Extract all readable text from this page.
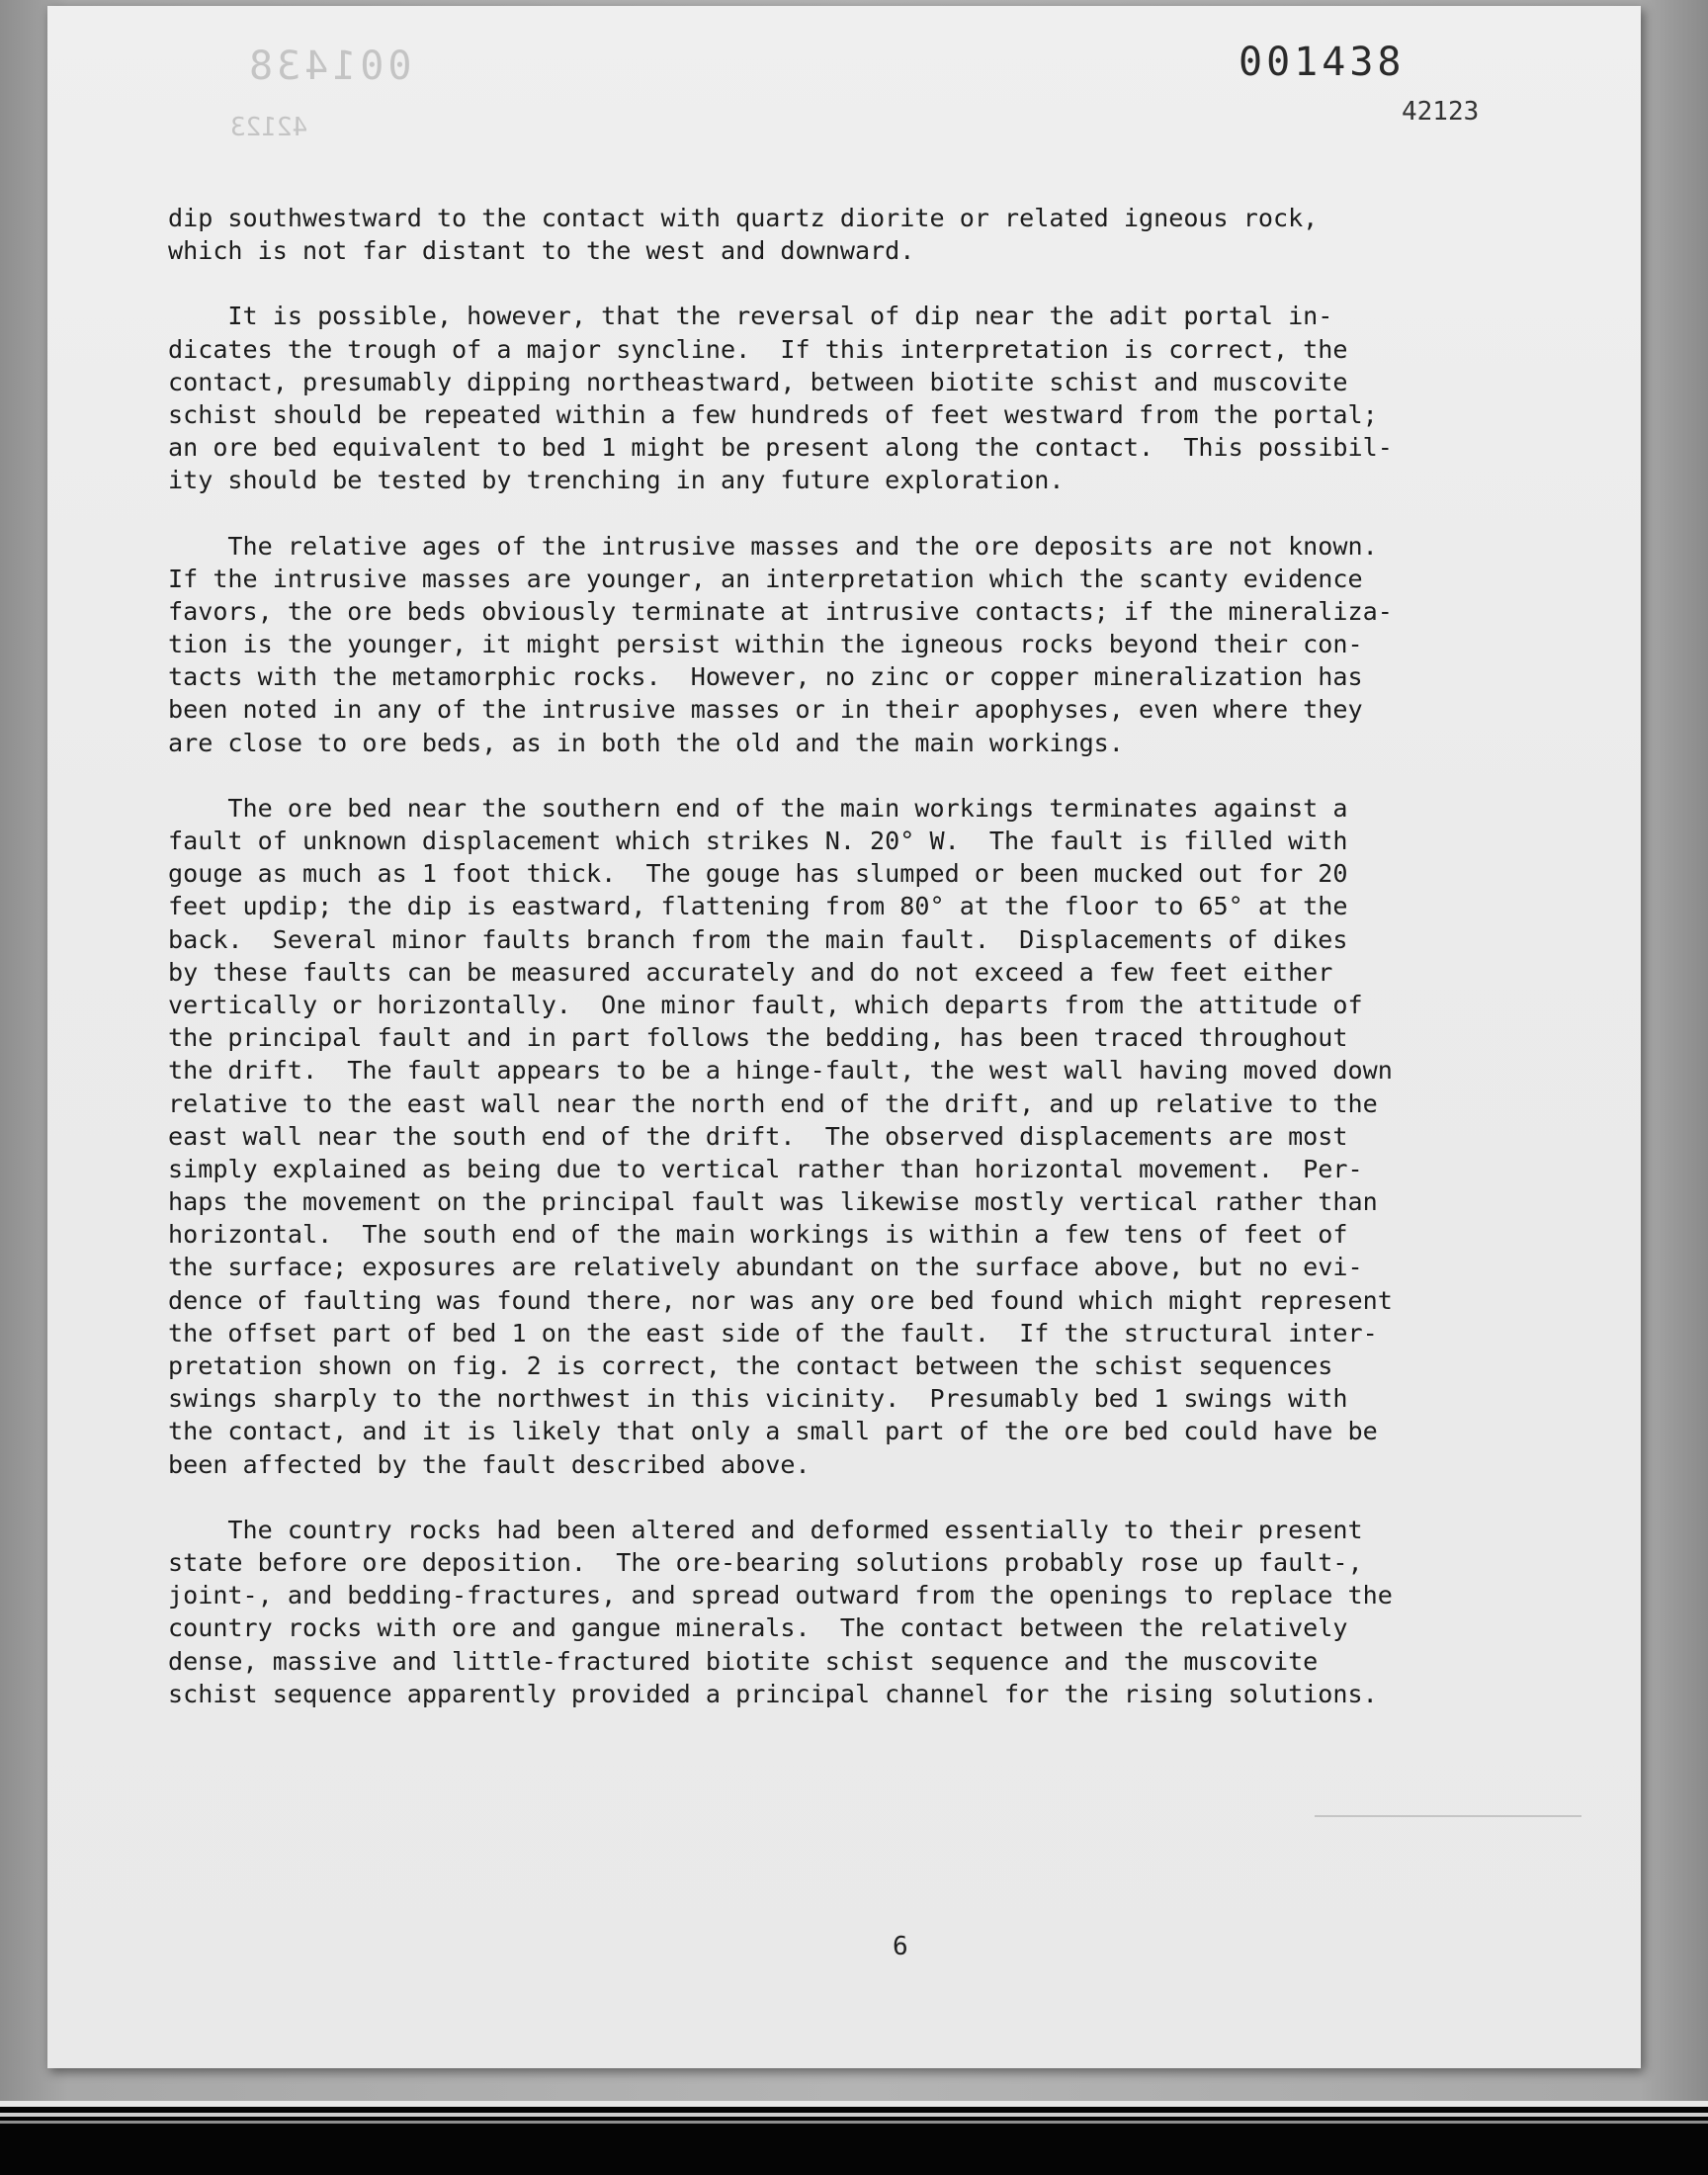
001438
42123
001438
42123

dip southwestward to the contact with quartz diorite or related igneous rock,
which is not far distant to the west and downward.

It is possible, however, that the reversal of dip near the adit portal in-
dicates the trough of a major syncline.  If this interpretation is correct, the
contact, presumably dipping northeastward, between biotite schist and muscovite
schist should be repeated within a few hundreds of feet westward from the portal;
an ore bed equivalent to bed 1 might be present along the contact.  This possibil-
ity should be tested by trenching in any future exploration.

The relative ages of the intrusive masses and the ore deposits are not known.
If the intrusive masses are younger, an interpretation which the scanty evidence
favors, the ore beds obviously terminate at intrusive contacts; if the mineraliza-
tion is the younger, it might persist within the igneous rocks beyond their con-
tacts with the metamorphic rocks.  However, no zinc or copper mineralization has
been noted in any of the intrusive masses or in their apophyses, even where they
are close to ore beds, as in both the old and the main workings.

The ore bed near the southern end of the main workings terminates against a
fault of unknown displacement which strikes N. 20° W.  The fault is filled with
gouge as much as 1 foot thick.  The gouge has slumped or been mucked out for 20
feet updip; the dip is eastward, flattening from 80° at the floor to 65° at the
back.  Several minor faults branch from the main fault.  Displacements of dikes
by these faults can be measured accurately and do not exceed a few feet either
vertically or horizontally.  One minor fault, which departs from the attitude of
the principal fault and in part follows the bedding, has been traced throughout
the drift.  The fault appears to be a hinge-fault, the west wall having moved down
relative to the east wall near the north end of the drift, and up relative to the
east wall near the south end of the drift.  The observed displacements are most
simply explained as being due to vertical rather than horizontal movement.  Per-
haps the movement on the principal fault was likewise mostly vertical rather than
horizontal.  The south end of the main workings is within a few tens of feet of
the surface; exposures are relatively abundant on the surface above, but no evi-
dence of faulting was found there, nor was any ore bed found which might represent
the offset part of bed 1 on the east side of the fault.  If the structural inter-
pretation shown on fig. 2 is correct, the contact between the schist sequences
swings sharply to the northwest in this vicinity.  Presumably bed 1 swings with
the contact, and it is likely that only a small part of the ore bed could have be
been affected by the fault described above.

The country rocks had been altered and deformed essentially to their present
state before ore deposition.  The ore-bearing solutions probably rose up fault-,
joint-, and bedding-fractures, and spread outward from the openings to replace the
country rocks with ore and gangue minerals.  The contact between the relatively
dense, massive and little-fractured biotite schist sequence and the muscovite
schist sequence apparently provided a principal channel for the rising solutions.

6
